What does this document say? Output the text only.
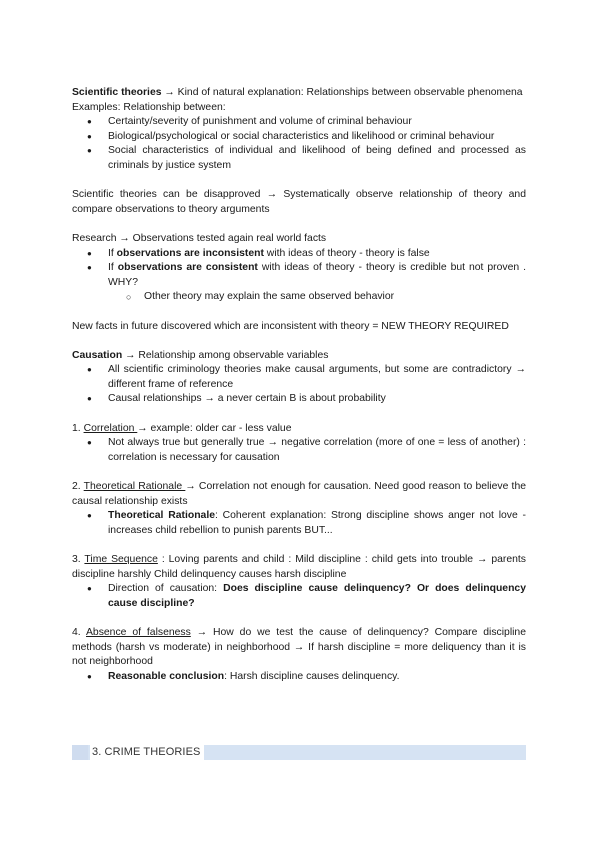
Scientific theories → Kind of natural explanation: Relationships between observable phenomena

Examples: Relationship between:

● Certainty/severity of punishment and volume of criminal behaviour
● Biological/psychological or social characteristics and likelihood or criminal behaviour
● Social characteristics of individual and likelihood of being defined and processed as criminals by justice system

Scientific theories can be disapproved → Systematically observe relationship of theory and compare observations to theory arguments

Research → Observations tested again real world facts

● If observations are inconsistent with ideas of theory - theory is false
● If observations are consistent with ideas of theory - theory is credible but not proven . WHY?
○ Other theory may explain the same observed behavior

New facts in future discovered which are inconsistent with theory = NEW THEORY REQUIRED

Causation → Relationship among observable variables

● All scientific criminology theories make causal arguments, but some are contradictory → different frame of reference
● Causal relationships → a never certain B is about probability

1. Correlation → example: older car - less value

● Not always true but generally true → negative correlation (more of one = less of another) : correlation is necessary for causation

2. Theoretical Rationale → Correlation not enough for causation. Need good reason to believe the causal relationship exists

● Theoretical Rationale: Coherent explanation: Strong discipline shows anger not love - increases child rebellion to punish parents BUT...

3. Time Sequence : Loving parents and child : Mild discipline : child gets into trouble → parents discipline harshly Child delinquency causes harsh discipline

● Direction of causation: Does discipline cause delinquency? Or does delinquency cause discipline?

4. Absence of falseness → How do we test the cause of delinquency? Compare discipline methods (harsh vs moderate) in neighborhood → If harsh discipline = more deliquency than it is not neighborhood

● Reasonable conclusion: Harsh discipline causes delinquency.
3. CRIME THEORIES
